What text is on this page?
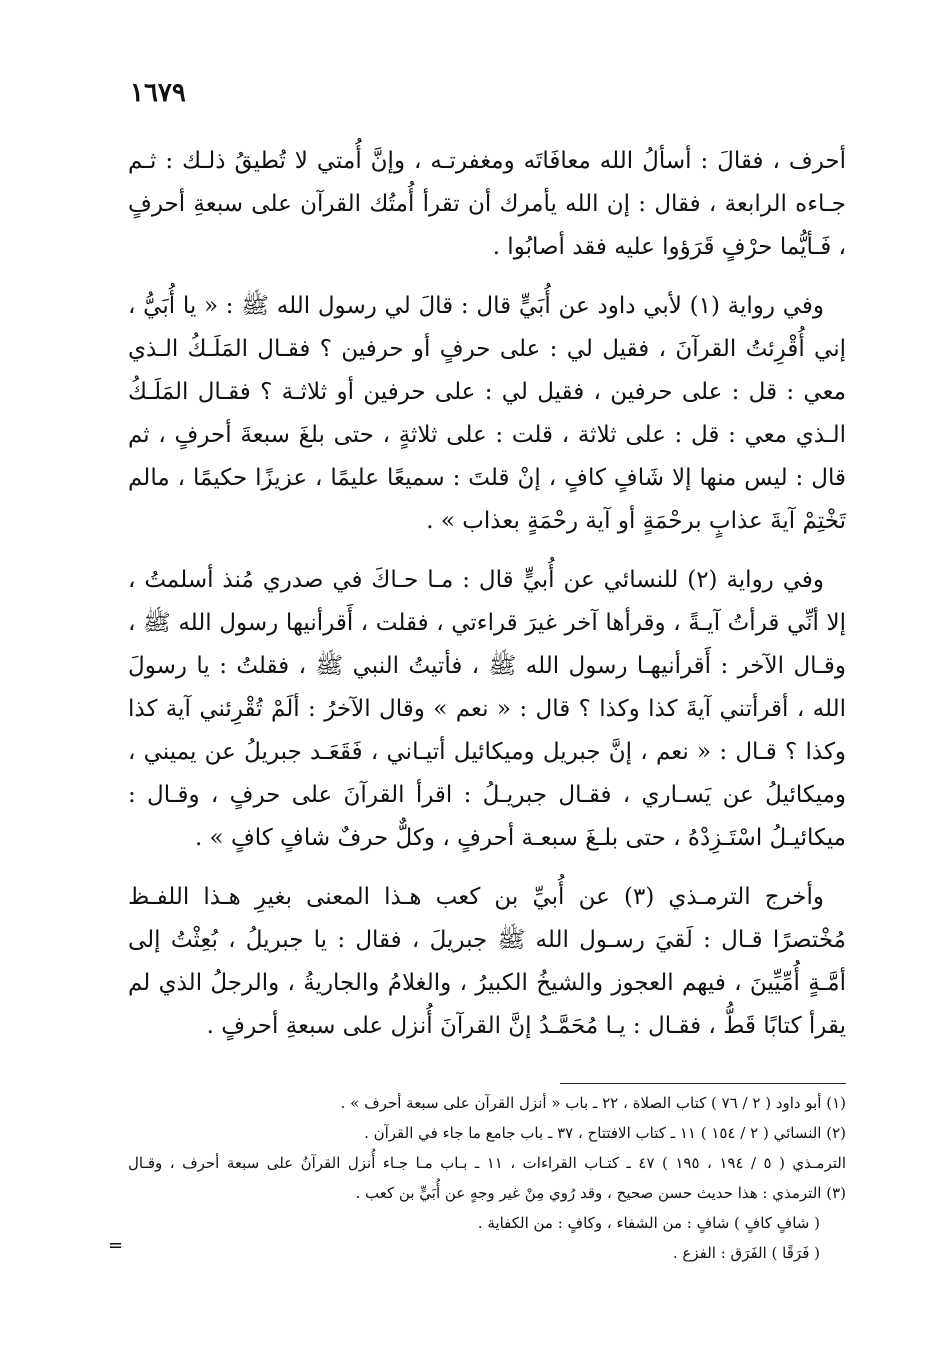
١٦٧٩

أحرف ، فقالَ : أسألُ الله معافَاتَه ومغفرتـه ، وإنَّ أُمتي لا تُطيقُ ذلـك : ثـم جـاءه الرابعة ، فقال : إن الله يأمرك أن تقرأ أُمتُك القرآن على سبعةِ أحرفٍ ، فَـأيُّما حرْفٍ قَرَؤوا عليه فقد أصابُوا .

وفي رواية (١) لأبي داود عن أُبَيٍّ قال : قالَ لي رسول الله ﷺ : « يا أُبَيُّ ، إني أُقْرِئتُ القرآنَ ، فقيل لي : على حرفٍ أو حرفين ؟ فقـال المَلَـكُ الـذي معي : قل : على حرفين ، فقيل لي : على حرفين أو ثلاثـة ؟ فقـال المَلَـكُ الـذي معي : قل : على ثلاثة ، قلت : على ثلاثةٍ ، حتى بلغَ سبعةَ أحرفٍ ، ثم قال : ليس منها إلا شَافٍ كافٍ ، إنْ قلتَ : سميعًا عليمًا ، عزيزًا حكيمًا ، مالم تَخْتِمْ آيةَ عذابٍ برحْمَةٍ أو آية رحْمَةٍ بعذاب » .

وفي رواية (٢) للنسائي عن أُبيٍّ قال : مـا حـاكَ في صدري مُنذ أسلمتُ ، إلا أنِّي قرأتُ آيـةً ، وقرأها آخر غيرَ قراءتي ، فقلت ، أَقرأنيها رسول الله ﷺ ، وقـال الآخر : أَقرأنيهـا رسول الله ﷺ ، فأتيتُ النبي ﷺ ، فقلتُ : يا رسولَ الله ، أقرأتني آيةَ كذا وكذا ؟ قال : « نعم » وقال الآخرُ : ألَمْ تُقْرِئني آية كذا وكذا ؟ قـال : « نعم ، إنَّ جبريل وميكائيل أتيـاني ، فَقَعَـد جبريلُ عن يميني ، وميكائيلُ عن يَسـاري ، فقـال جبريـلُ : اقرأ القرآنَ على حرفٍ ، وقـال : ميكائيـلُ اسْتَـزِدْهُ ، حتى بلـغَ سبعـة أحرفٍ ، وكلٌّ حرفٌ شافٍ كافٍ » .

وأخرج الترمـذي (٣) عن أُبيِّ بن كعب هـذا المعنى بغيرِ هـذا اللفـظ مُخْتصرًا قـال : لَقيَ رسـول الله ﷺ جبريلَ ، فقال : يا جبريلُ ، بُعِثْتُ إلى أمَّـةٍ أُمِّيِّينَ ، فيهم العجوز والشيخُ الكبيرُ ، والغلامُ والجاريةُ ، والرجلُ الذي لم يقرأ كتابًا قَطُّ ، فقـال : يـا مُحَمَّـدُ إنَّ القرآنَ أُنزل على سبعةِ أحرفٍ .

(١) أبو داود ( ٢ / ٧٦ ) كتاب الصلاة ، ٢٢ ـ باب « أنزل القرآن على سبعة أحرف » .

(٢) النسائي ( ٢ / ١٥٤ ) ١١ ـ كتاب الافتتاح ، ٣٧ ـ باب جامع ما جاء في القرآن .

الترمـذي ( ٥ / ١٩٤ ، ١٩٥ ) ٤٧ ـ كتـاب القراءات ، ١١ ـ بـاب مـا جـاء أُنزل القرآنُ على سبعة أحرف ، وقـال

(٣) الترمذي : هذا حديث حسن صحيح ، وقد رُوي مِنْ غير وجهٍ عن أُبَيٍّ بن كعب .

( شافٍ كافٍ ) شافٍ : من الشفاء ، وكافٍ : من الكفاية .

( فَرَقًا ) الفَرَق : الفزع .

=
